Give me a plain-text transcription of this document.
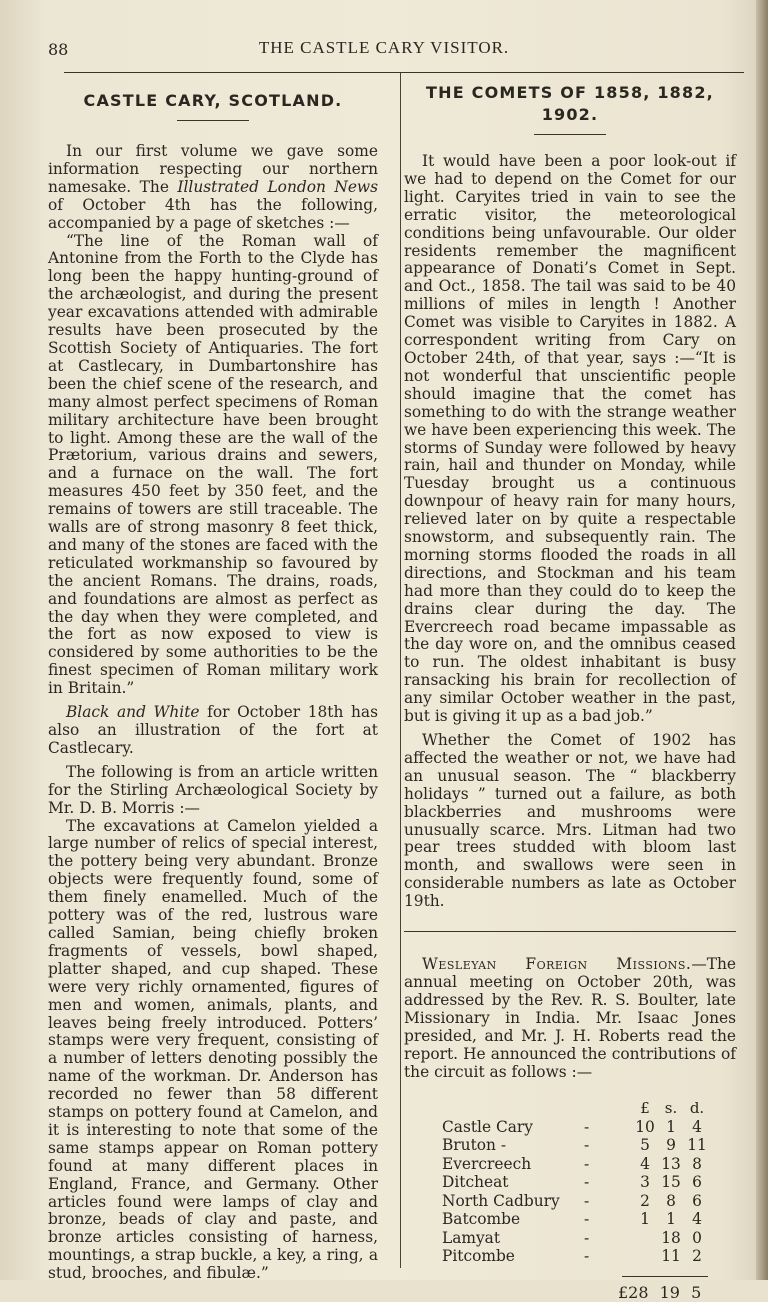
88	THE CASTLE CARY VISITOR.
CASTLE CARY, SCOTLAND.

In our first volume we gave some information respecting our northern namesake. The Illustrated London News of October 4th has the following, accompanied by a page of sketches :—

“The line of the Roman wall of Antonine from the Forth to the Clyde has long been the happy hunting-ground of the archæologist, and during the present year excavations attended with admirable results have been prosecuted by the Scottish Society of Antiquaries. The fort at Castlecary, in Dumbartonshire has been the chief scene of the research, and many almost perfect specimens of Roman military architecture have been brought to light. Among these are the wall of the Prætorium, various drains and sewers, and a furnace on the wall. The fort measures 450 feet by 350 feet, and the remains of towers are still traceable. The walls are of strong masonry 8 feet thick, and many of the stones are faced with the reticulated workmanship so favoured by the ancient Romans. The drains, roads, and foundations are almost as perfect as the day when they were completed, and the fort as now exposed to view is considered by some authorities to be the finest specimen of Roman military work in Britain.”

Black and White for October 18th has also an illustration of the fort at Castlecary.

The following is from an article written for the Stirling Archæological Society by Mr. D. B. Morris :—

The excavations at Camelon yielded a large number of relics of special interest, the pottery being very abundant. Bronze objects were frequently found, some of them finely enamelled. Much of the pottery was of the red, lustrous ware called Samian, being chiefly broken fragments of vessels, bowl shaped, platter shaped, and cup shaped. These were very richly ornamented, figures of men and women, animals, plants, and leaves being freely introduced. Potters’ stamps were very frequent, consisting of a number of letters denoting possibly the name of the workman. Dr. Anderson has recorded no fewer than 58 different stamps on pottery found at Camelon, and it is interesting to note that some of the same stamps appear on Roman pottery found at many different places in England, France, and Germany. Other articles found were lamps of clay and bronze, beads of clay and paste, and bronze articles consisting of harness, mountings, a strap buckle, a key, a ring, a stud, brooches, and fibulæ.”

THE COMETS OF 1858, 1882, 1902.

It would have been a poor look-out if we had to depend on the Comet for our light. Caryites tried in vain to see the erratic visitor, the meteorological conditions being unfavourable. Our older residents remember the magnificent appearance of Donati’s Comet in Sept. and Oct., 1858. The tail was said to be 40 millions of miles in length ! Another Comet was visible to Caryites in 1882. A correspondent writing from Cary on October 24th, of that year, says :—“It is not wonderful that unscientific people should imagine that the comet has something to do with the strange weather we have been experiencing this week. The storms of Sunday were followed by heavy rain, hail and thunder on Monday, while Tuesday brought us a continuous downpour of heavy rain for many hours, relieved later on by quite a respectable snowstorm, and subsequently rain. The morning storms flooded the roads in all directions, and Stockman and his team had more than they could do to keep the drains clear during the day. The Evercreech road became impassable as the day wore on, and the omnibus ceased to run. The oldest inhabitant is busy ransacking his brain for recollection of any similar October weather in the past, but is giving it up as a bad job.”

Whether the Comet of 1902 has affected the weather or not, we have had an unusual season. The “ blackberry holidays ” turned out a failure, as both blackberries and mushrooms were unusually scarce. Mrs. Litman had two pear trees studded with bloom last month, and swallows were seen in considerable numbers as late as October 19th.

Wesleyan Foreign Missions.—The annual meeting on October 20th, was addressed by the Rev. R. S. Boulter, late Missionary in India. Mr. Isaac Jones presided, and Mr. J. H. Roberts read the report. He announced the contributions of the circuit as follows :—

		£	s.	d.
Castle Cary	-	10	1	4
Bruton -	-	5	9	11
Evercreech	-	4	13	8
Ditcheat	-	3	15	6
North Cadbury	-	2	8	6
Batcombe	-	1	1	4
Lamyat	-		18	0
Pitcombe	-		11	2
£28 19 5
